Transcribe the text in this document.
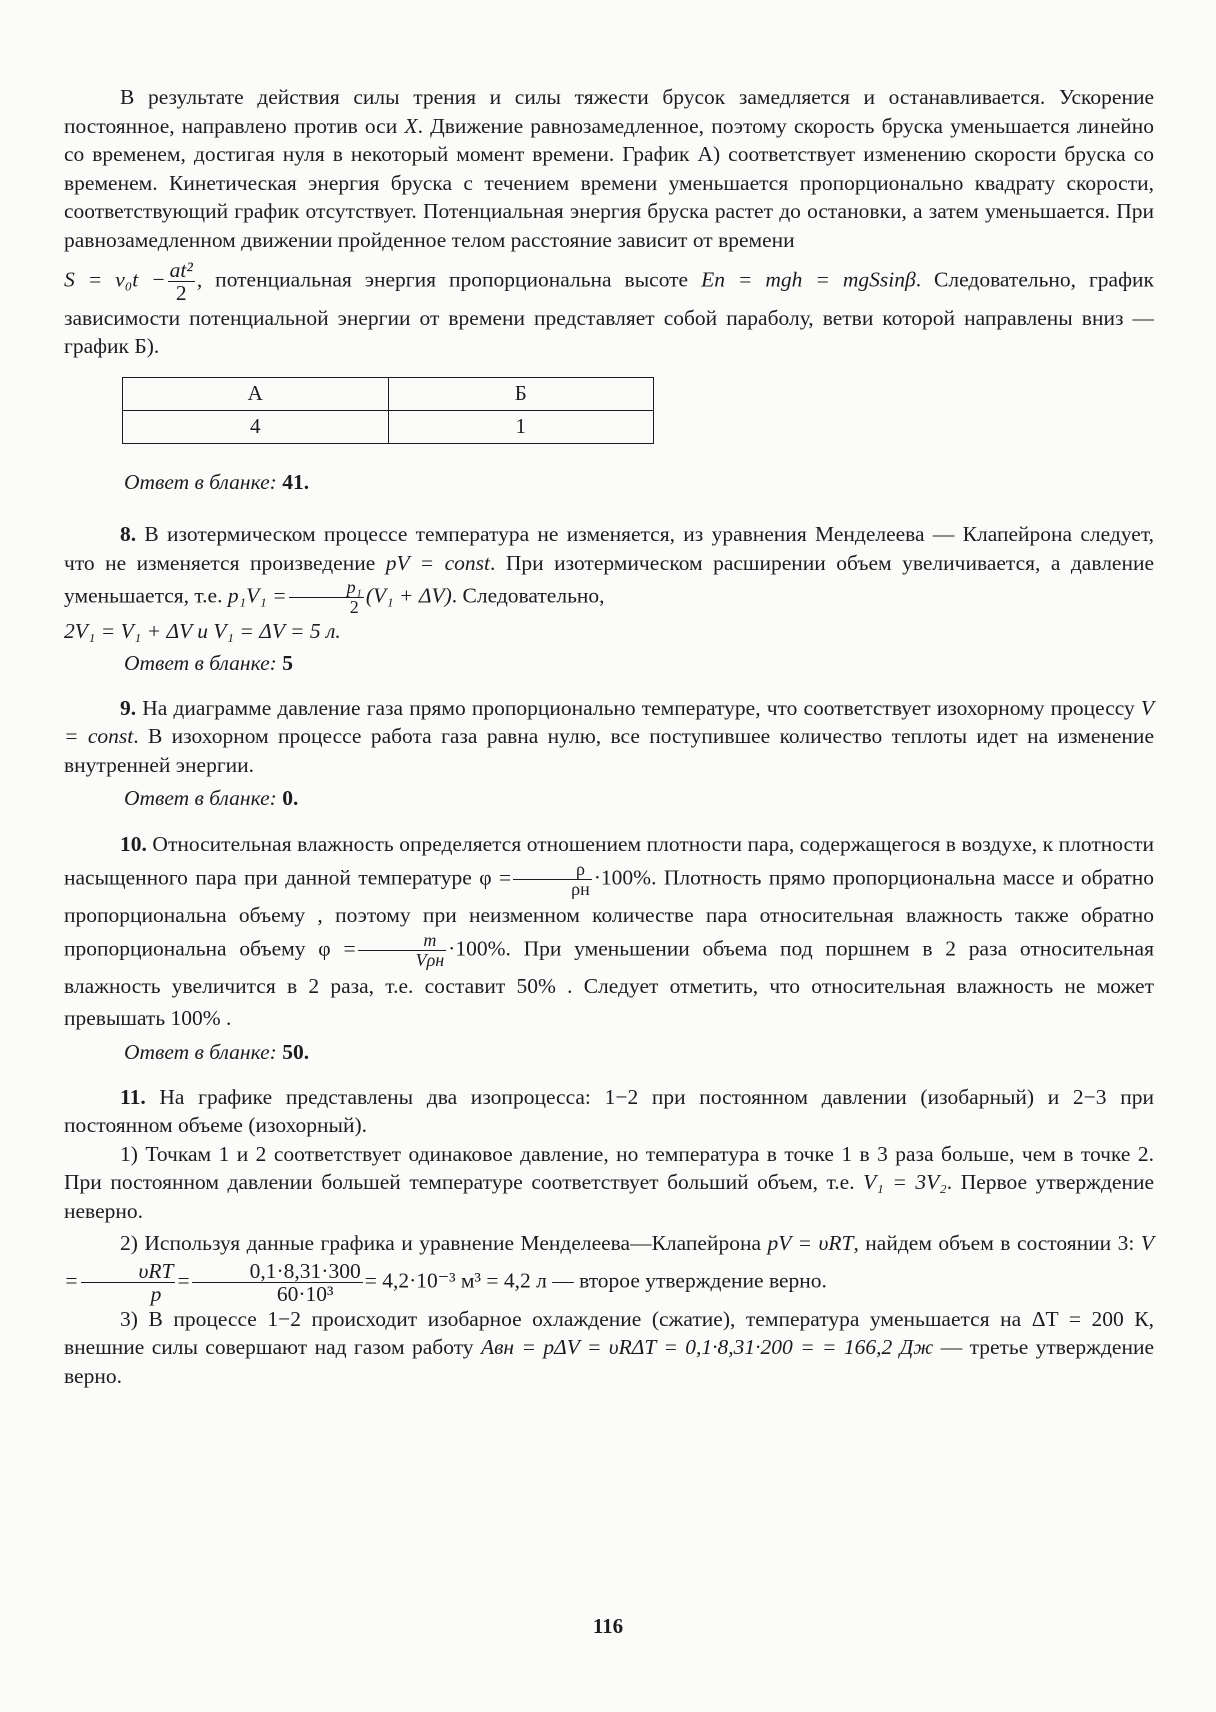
В результате действия силы трения и силы тяжести брусок замедляется и останавливается. Ускорение постоянное, направлено против оси X. Движение равнозамедленное, поэтому скорость бруска уменьшается линейно со временем, достигая нуля в некоторый момент времени. График А) соответствует изменению скорости бруска со временем. Кинетическая энергия бруска с течением времени уменьшается пропорционально квадрату скорости, соответствующий график отсутствует. Потенциальная энергия бруска растет до остановки, а затем уменьшается. При равнозамедленном движении пройденное телом расстояние зависит от времени

$S = v_0t - \frac{\text{at²}}{2}$ , потенциальная энергия пропорциональна высоте Eп = mgh = mgSsinβ. Следовательно, график зависимости потенциальной энергии от времени представляет собой параболу, ветви которой направлены вниз — график Б).

А	Б
4	1

Ответ в бланке: 41.

8. В изотермическом процессе температура не изменяется, из уравнения Менделеева — Клапейрона следует, что не изменяется произведение pV = const. При изотермическом расширении объем увеличивается, а давление уменьшается, т.е. $p_1V_1 = \frac{\text{p₁}}{2} (V_1 + \Delta V)$. Следовательно,

2V₁ = V₁ + ΔV и V₁ = ΔV = 5 л.

Ответ в бланке: 5

9. На диаграмме давление газа прямо пропорционально температуре, что соответствует изохорному процессу V = const. В изохорном процессе работа газа равна нулю, все поступившее количество теплоты идет на изменение внутренней энергии.

Ответ в бланке: 0.

10. Относительная влажность определяется отношением плотности пара, содержащегося в воздухе, к плотности насыщенного пара при данной температуре $\varphi = \frac{\rho}{\rho н} \cdot 100\%$. Плотность прямо пропорциональна массе и обратно пропорциональна объему , поэтому при неизменном количестве пара относительная влажность также обратно пропорциональна объему $\varphi = \frac{m}{\text{Vρн}} \cdot 100\%$. При уменьшении объема под поршнем в 2 раза относительная влажность увеличится в 2 раза, т.е. составит 50% . Следует отметить, что относительная влажность не может превышать 100% .

Ответ в бланке: 50.

11. На графике представлены два изопроцесса: 1−2 при постоянном давлении (изобарный) и 2−3 при постоянном объеме (изохорный).

1) Точкам 1 и 2 соответствует одинаковое давление, но температура в точке 1 в 3 раза больше, чем в точке 2. При постоянном давлении большей температуре соответствует больший объем, т.е. V₁ = 3V₂. Первое утверждение неверно.

2) Используя данные графика и уравнение Менделеева—Клапейрона pV = υRT, найдем объем в состоянии 3: $V = \frac{\text{υRT}}{p} = \frac{0,1\cdot 8,31\cdot 300}{\text{60·10³}} = 4,2\cdot 10^{-3}$ м³ = 4,2 л — второе утверждение верно.

3) В процессе 1−2 происходит изобарное охлаждение (сжатие), температура уменьшается на ΔT = 200 К, внешние силы совершают над газом работу Aвн = pΔV = υRΔT = 0,1·8,31·200 = = 166,2 Дж — третье утверждение верно.

116
